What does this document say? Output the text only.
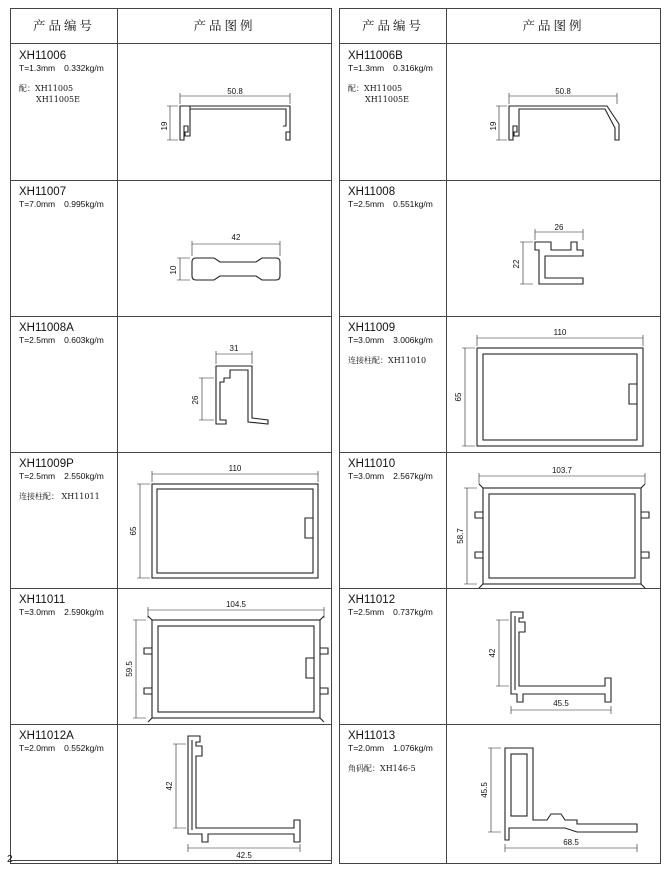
产品编号	产品图例
XH11006
T=1.3mm 0.332kg/m
配：XH11005
XH11005E
50.8
19
XH11007
T=7.0mm 0.995kg/m
42
10
XH11008A
T=2.5mm 0.603kg/m
31
26
XH11009P
T=2.5mm 2.550kg/m
连接柱配： XH11011
110
65
XH11011
T=3.0mm 2.590kg/m
104.5
59.5
XH11012A
T=2.0mm 0.552kg/m
42
42.5
2
产品编号	产品图例
XH11006B
T=1.3mm 0.316kg/m
配：XH11005
XH11005E
50.8
19
XH11008
T=2.5mm 0.551kg/m
26
22
XH11009
T=3.0mm 3.006kg/m
连接柱配：XH11010
110
65
XH11010
T=3.0mm 2.567kg/m
103.7
58.7
XH11012
T=2.5mm 0.737kg/m
42
45.5
XH11013
T=2.0mm 1.076kg/m
角码配：XH146-5
45.5
68.5
